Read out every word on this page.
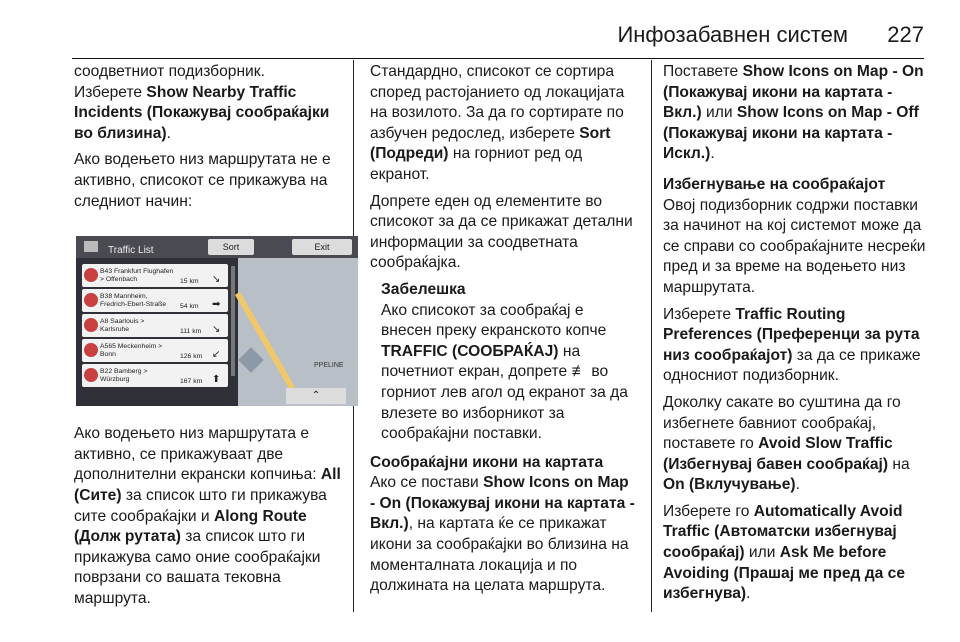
Инфозабавнен систем 227

соодветниот подизборник.

Изберете Show Nearby Traffic Incidents (Покажувај сообраќајки во близина).

Ако водењето низ маршрутата не е активно, списокот се прикажува на следниот начин:

Traffic List	Sort	Exit
B43 Frankfurt Flughafen > Offenbach	15 km ↘
B38 Mannheim, Fredrich-Ebert-Straße	54 km ➡
A8 Saarlouis > Karlsruhe	111 km ↘
A565 Meckenheim > Bonn	126 km ↙
B22 Bamberg > Würzburg	167 km ⬆
PPELINE
⌃

Ако водењето низ маршрутата е активно, се прикажуваат две дополнителни екрански копчиња: All (Сите) за список што ги прикажува сите сообраќајки и Along Route (Долж рутата) за список што ги прикажува само оние сообраќајки поврзани со вашата тековна маршрута.

Стандардно, списокот се сортира според растојанието од локацијата на возилото. За да го сортирате по азбучен редослед, изберете Sort (Подреди) на горниот ред од екранот.

Допрете еден од елементите во списокот за да се прикажат детални информации за соодветната сообраќајка.

Забелешка
Ако списокот за сообраќај е внесен преку екранското копче TRAFFIC (СООБРАЌАЈ) на почетниот екран, допрете ≢ во горниот лев агол од екранот за да влезете во изборникот за сообраќајни поставки.
Сообраќајни икони на картата

Ако се постави Show Icons on Map - On (Покажувај икони на картата - Вкл.), на картата ќе се прикажат икони за сообраќајки во близина на моменталната локација и по должината на целата маршрута.

Поставете Show Icons on Map - On (Покажувај икони на картата - Вкл.) или Show Icons on Map - Off (Покажувај икони на картата - Искл.).

Избегнување на сообраќајот

Овој подизборник содржи поставки за начинот на кој системот може да се справи со сообраќајните несреќи пред и за време на водењето низ маршрутата.

Изберете Traffic Routing Preferences (Преференци за рута низ сообраќајот) за да се прикаже односниот подизборник.

Доколку сакате во суштина да го избегнете бавниот сообраќај, поставете го Avoid Slow Traffic (Избегнувај бавен сообраќај) на On (Вклучување).

Изберете го Automatically Avoid Traffic (Автоматски избегнувај сообраќај) или Ask Me before Avoiding (Прашај ме пред да се избегнува).
